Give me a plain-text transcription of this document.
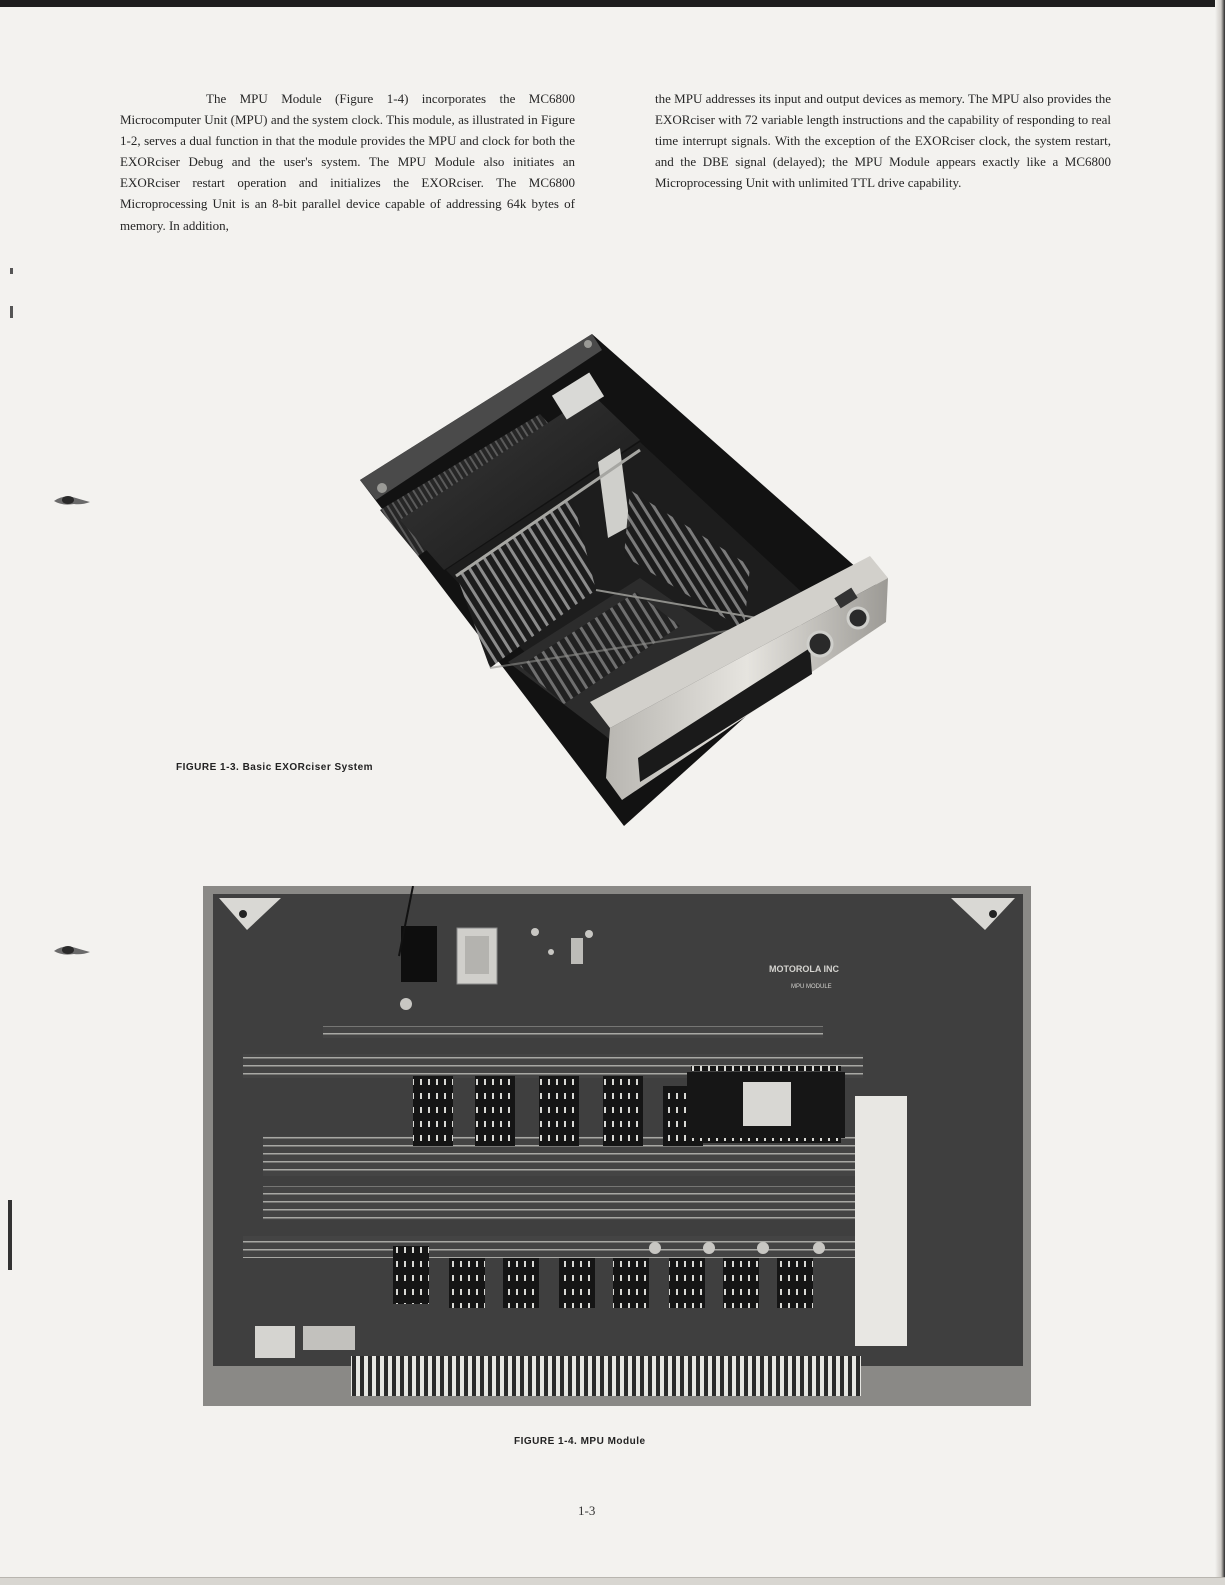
The MPU Module (Figure 1-4) incorporates the MC6800 Microcomputer Unit (MPU) and the system clock. This module, as illustrated in Figure 1-2, serves a dual function in that the module provides the MPU and clock for both the EXORciser Debug and the user's system. The MPU Module also initiates an EXORciser restart operation and initializes the EXORciser. The MC6800 Microprocessing Unit is an 8-bit parallel device capable of addressing 64k bytes of memory. In addition,

the MPU addresses its input and output devices as memory. The MPU also provides the EXORciser with 72 variable length instructions and the capability of responding to real time interrupt signals. With the exception of the EXORciser clock, the system restart, and the DBE signal (delayed); the MPU Module appears exactly like a MC6800 Microprocessing Unit with unlimited TTL drive capability.

FIGURE 1-3. Basic EXORciser System

MOTOROLA INC
MPU MODULE

FIGURE 1-4. MPU Module

1-3
